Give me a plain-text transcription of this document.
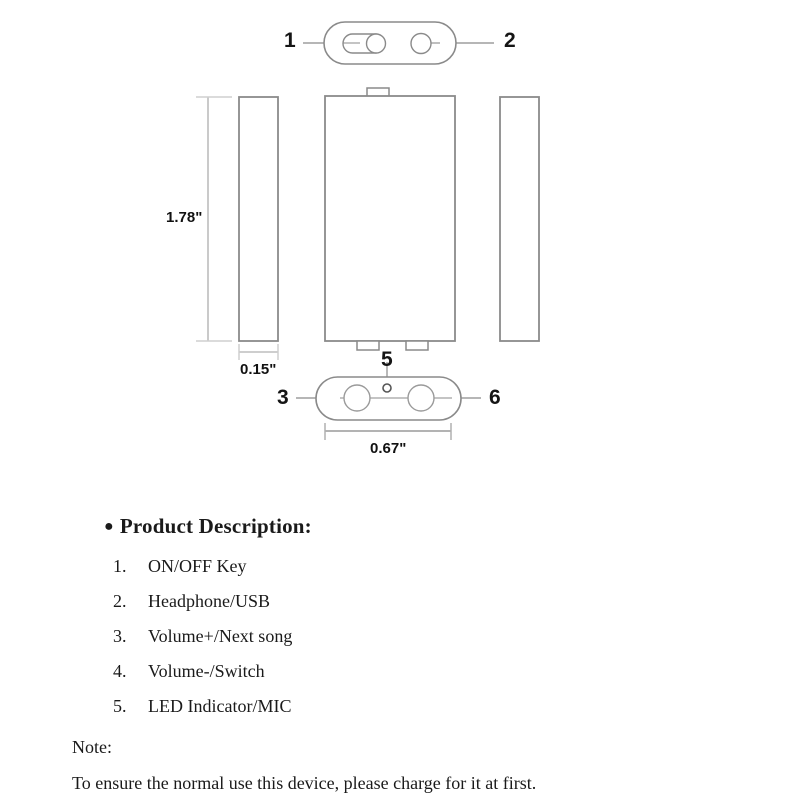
1	2
3
5
6
1.78"
0.15"
0.67"
● Product Description:
1. ON/OFF Key
2. Headphone/USB
3. Volume+/Next song
4. Volume-/Switch
5. LED Indicator/MIC
Note:
To ensure the normal use this device, please charge for it at first.
